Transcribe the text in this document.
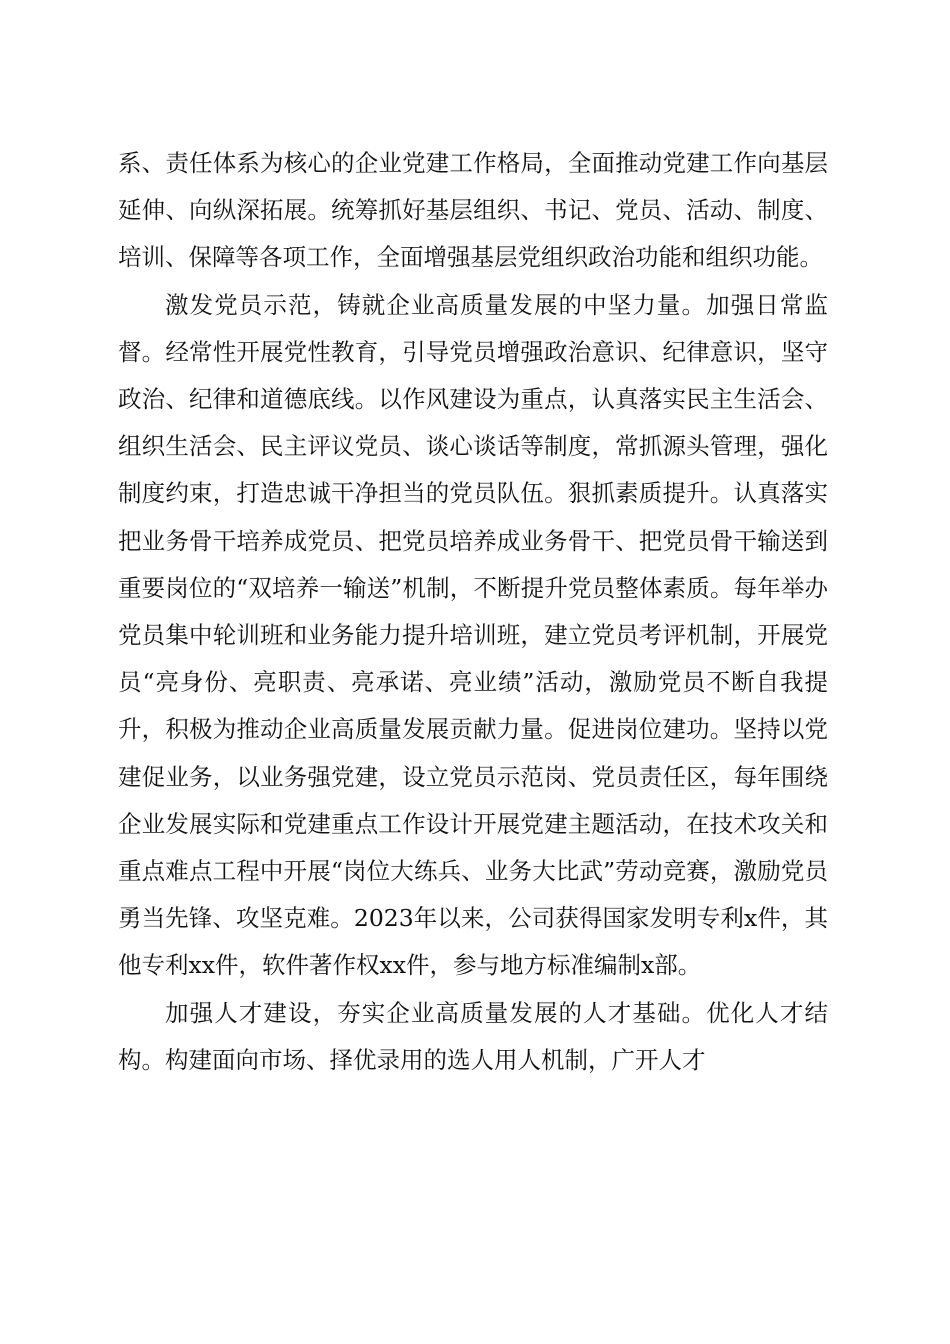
系、责任体系为核心的企业党建工作格局，全面推动党建工作向基层延伸、向纵深拓展。统筹抓好基层组织、书记、党员、活动、制度、培训、保障等各项工作，全面增强基层党组织政治功能和组织功能。

激发党员示范，铸就企业高质量发展的中坚力量。加强日常监督。经常性开展党性教育，引导党员增强政治意识、纪律意识，坚守政治、纪律和道德底线。以作风建设为重点，认真落实民主生活会、组织生活会、民主评议党员、谈心谈话等制度，常抓源头管理，强化制度约束，打造忠诚干净担当的党员队伍。狠抓素质提升。认真落实把业务骨干培养成党员、把党员培养成业务骨干、把党员骨干输送到重要岗位的“双培养一输送”机制，不断提升党员整体素质。每年举办党员集中轮训班和业务能力提升培训班，建立党员考评机制，开展党员“亮身份、亮职责、亮承诺、亮业绩”活动，激励党员不断自我提升，积极为推动企业高质量发展贡献力量。促进岗位建功。坚持以党建促业务，以业务强党建，设立党员示范岗、党员责任区，每年围绕企业发展实际和党建重点工作设计开展党建主题活动，在技术攻关和重点难点工程中开展“岗位大练兵、业务大比武”劳动竞赛，激励党员勇当先锋、攻坚克难。2023年以来，公司获得国家发明专利x件，其他专利xx件，软件著作权xx件，参与地方标准编制x部。

加强人才建设，夯实企业高质量发展的人才基础。优化人才结构。构建面向市场、择优录用的选人用人机制，广开人才
